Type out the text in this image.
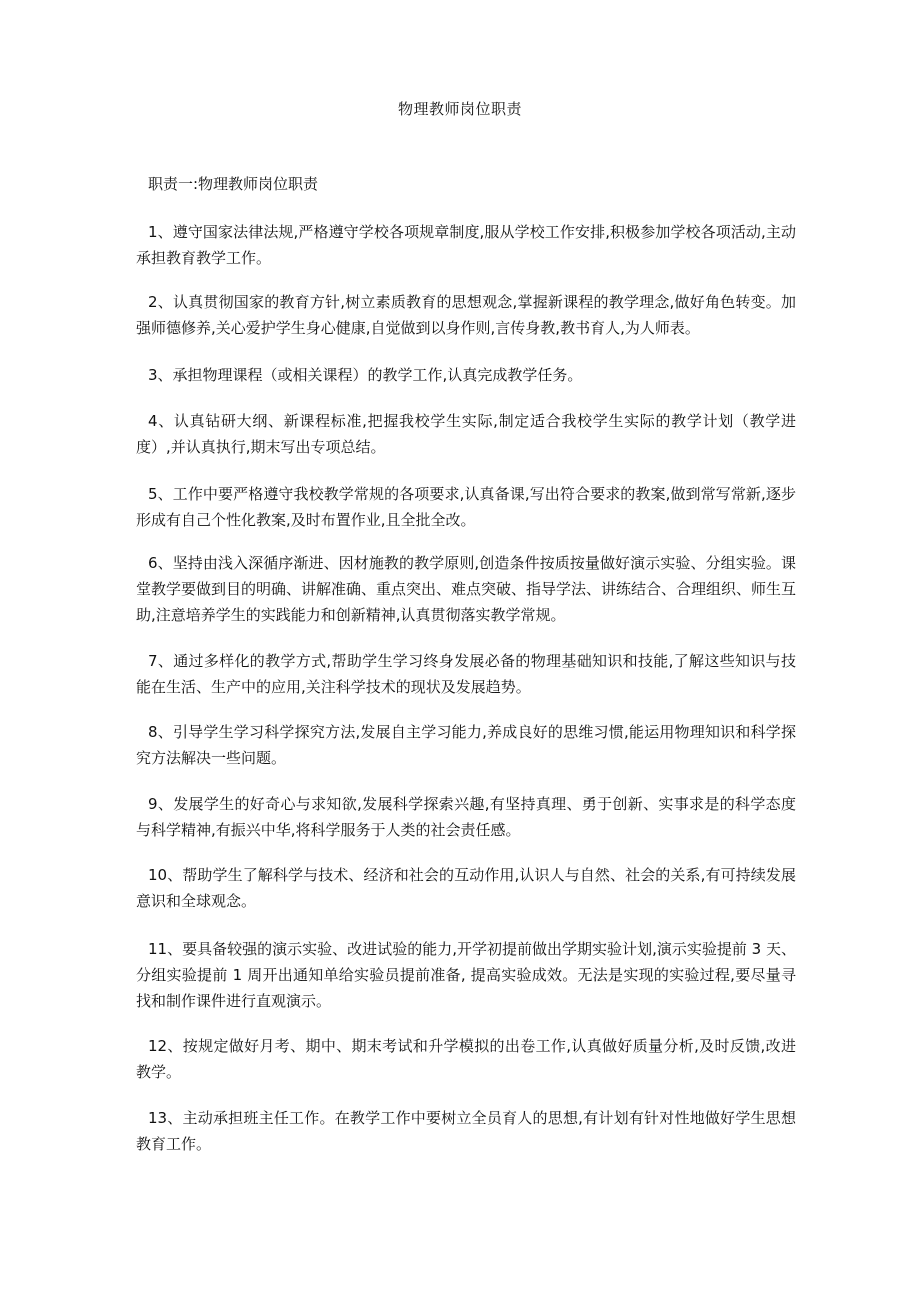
物理教师岗位职责

职责一:物理教师岗位职责

1、遵守国家法律法规,严格遵守学校各项规章制度,服从学校工作安排,积极参加学校各项活动,主动承担教育教学工作。

2、认真贯彻国家的教育方针,树立素质教育的思想观念,掌握新课程的教学理念,做好角色转变。加强师德修养,关心爱护学生身心健康,自觉做到以身作则,言传身教,教书育人,为人师表。

3、承担物理课程（或相关课程）的教学工作,认真完成教学任务。

4、认真钻研大纲、新课程标准,把握我校学生实际,制定适合我校学生实际的教学计划（教学进度）,并认真执行,期末写出专项总结。

5、工作中要严格遵守我校教学常规的各项要求,认真备课,写出符合要求的教案,做到常写常新,逐步形成有自己个性化教案,及时布置作业,且全批全改。

6、坚持由浅入深循序渐进、因材施教的教学原则,创造条件按质按量做好演示实验、分组实验。课堂教学要做到目的明确、讲解准确、重点突出、难点突破、指导学法、讲练结合、合理组织、师生互助,注意培养学生的实践能力和创新精神,认真贯彻落实教学常规。

7、通过多样化的教学方式,帮助学生学习终身发展必备的物理基础知识和技能,了解这些知识与技能在生活、生产中的应用,关注科学技术的现状及发展趋势。

8、引导学生学习科学探究方法,发展自主学习能力,养成良好的思维习惯,能运用物理知识和科学探究方法解决一些问题。

9、发展学生的好奇心与求知欲,发展科学探索兴趣,有坚持真理、勇于创新、实事求是的科学态度与科学精神,有振兴中华,将科学服务于人类的社会责任感。

10、帮助学生了解科学与技术、经济和社会的互动作用,认识人与自然、社会的关系,有可持续发展意识和全球观念。

11、要具备较强的演示实验、改进试验的能力,开学初提前做出学期实验计划,演示实验提前 3 天、分组实验提前 1 周开出通知单给实验员提前准备, 提高实验成效。无法是实现的实验过程,要尽量寻找和制作课件进行直观演示。

12、按规定做好月考、期中、期末考试和升学模拟的出卷工作,认真做好质量分析,及时反馈,改进教学。

13、主动承担班主任工作。在教学工作中要树立全员育人的思想,有计划有针对性地做好学生思想教育工作。
